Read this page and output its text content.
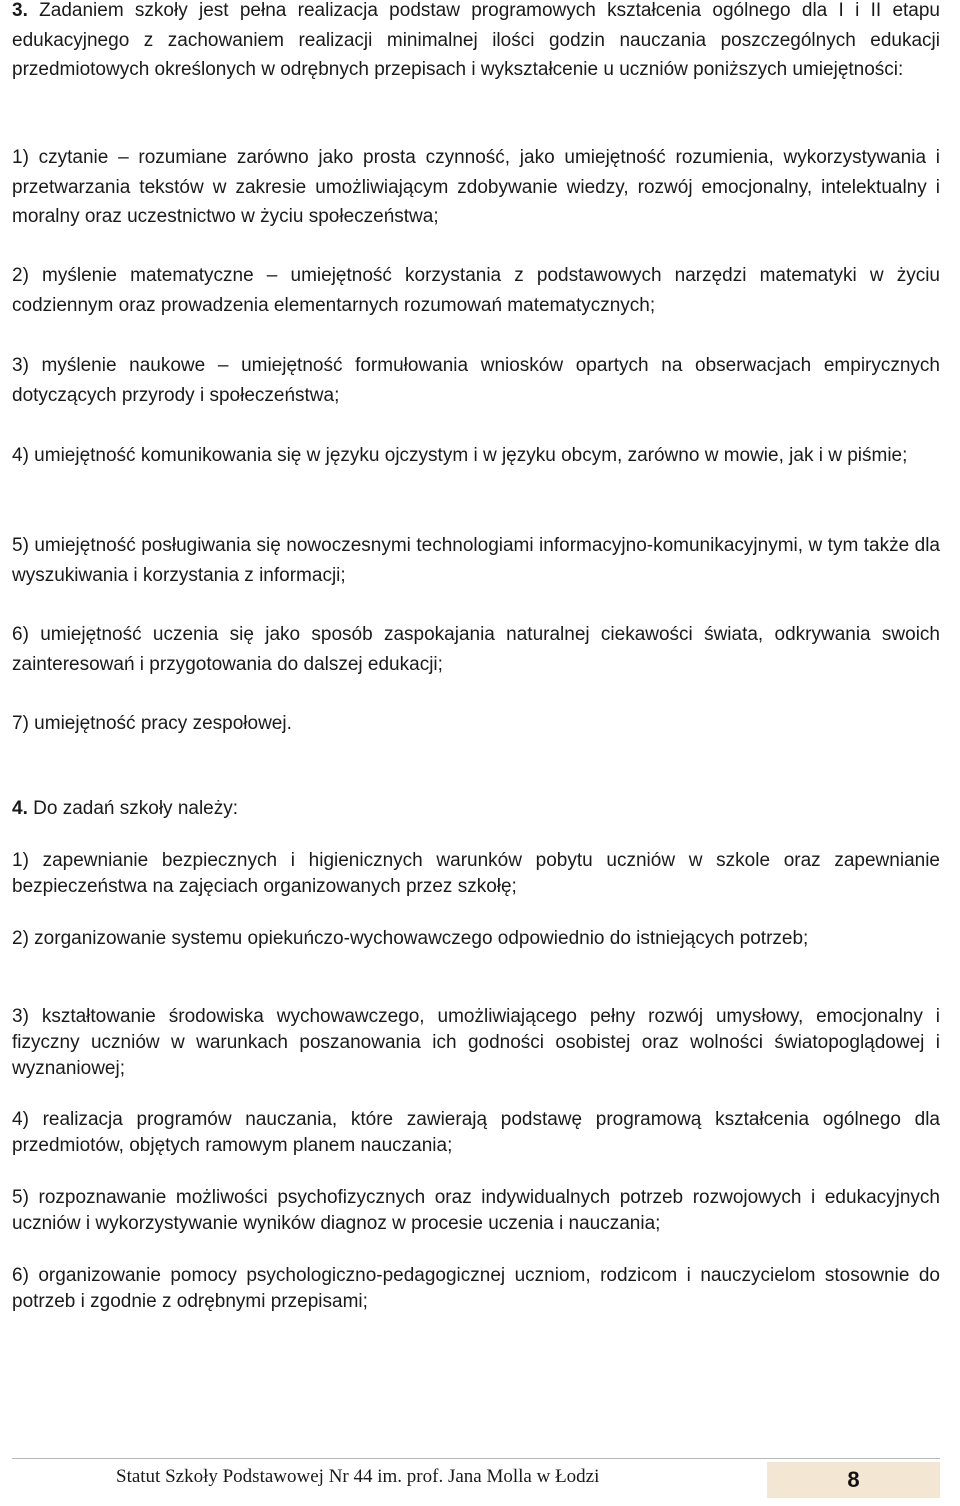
3. Zadaniem szkoły jest pełna realizacja podstaw programowych kształcenia ogólnego dla I i II etapu edukacyjnego z zachowaniem realizacji minimalnej ilości godzin nauczania poszczególnych edukacji przedmiotowych określonych w odrębnych przepisach i wykształcenie u uczniów poniższych umiejętności:

1) czytanie – rozumiane zarówno jako prosta czynność, jako umiejętność rozumienia, wykorzystywania i przetwarzania tekstów w zakresie umożliwiającym zdobywanie wiedzy, rozwój emocjonalny, intelektualny i moralny oraz uczestnictwo w życiu społeczeństwa;

2) myślenie matematyczne – umiejętność korzystania z podstawowych narzędzi matematyki w życiu codziennym oraz prowadzenia elementarnych rozumowań matematycznych;

3) myślenie naukowe – umiejętność formułowania wniosków opartych na obserwacjach empirycznych dotyczących przyrody i społeczeństwa;

4) umiejętność komunikowania się w języku ojczystym i w języku obcym, zarówno w mowie, jak i w piśmie;

5) umiejętność posługiwania się nowoczesnymi technologiami informacyjno-komunikacyjnymi, w tym także dla wyszukiwania i korzystania z informacji;

6) umiejętność uczenia się jako sposób zaspokajania naturalnej ciekawości świata, odkrywania swoich zainteresowań i przygotowania do dalszej edukacji;

7) umiejętność pracy zespołowej.

4. Do zadań szkoły należy:

1) zapewnianie bezpiecznych i higienicznych warunków pobytu uczniów w szkole oraz zapewnianie bezpieczeństwa na zajęciach organizowanych przez szkołę;

2) zorganizowanie systemu opiekuńczo-wychowawczego odpowiednio do istniejących potrzeb;

3) kształtowanie środowiska wychowawczego, umożliwiającego pełny rozwój umysłowy, emocjonalny i fizyczny uczniów w warunkach poszanowania ich godności osobistej oraz wolności światopoglądowej i wyznaniowej;

4) realizacja programów nauczania, które zawierają podstawę programową kształcenia ogólnego dla przedmiotów, objętych ramowym planem nauczania;

5) rozpoznawanie możliwości psychofizycznych oraz indywidualnych potrzeb rozwojowych i edukacyjnych uczniów i wykorzystywanie wyników diagnoz w procesie uczenia i nauczania;

6) organizowanie pomocy psychologiczno-pedagogicznej uczniom, rodzicom i nauczycielom stosownie do potrzeb i zgodnie z odrębnymi przepisami;

Statut Szkoły Podstawowej Nr 44 im. prof. Jana Molla w Łodzi	8
